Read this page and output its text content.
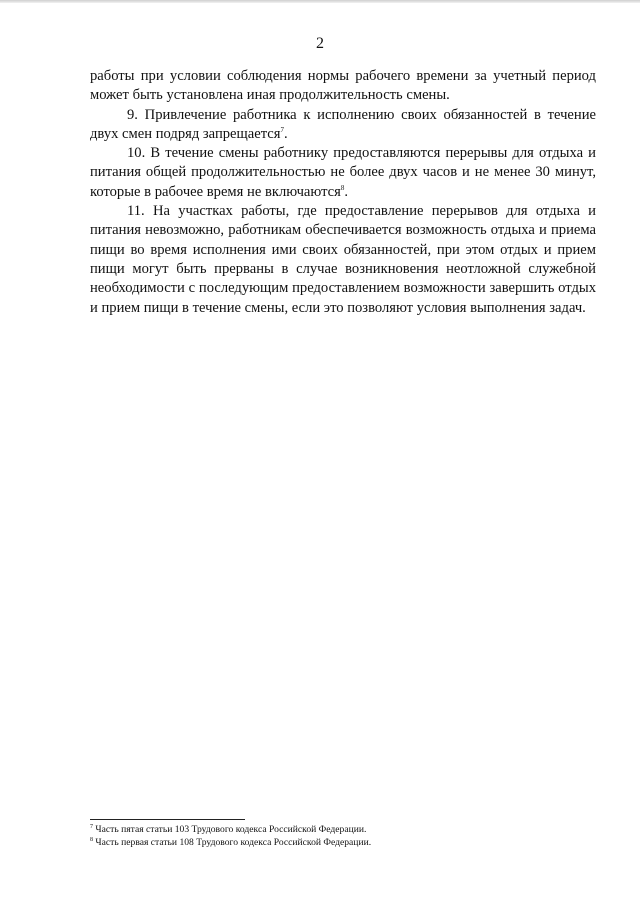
2

работы при условии соблюдения нормы рабочего времени за учетный период может быть установлена иная продолжительность смены.

9. Привлечение работника к исполнению своих обязанностей в течение двух смен подряд запрещается$^7$.

10. В течение смены работнику предоставляются перерывы для отдыха и питания общей продолжительностью не более двух часов и не менее 30 минут, которые в рабочее время не включаются$^8$.

11. На участках работы, где предоставление перерывов для отдыха и питания невозможно, работникам обеспечивается возможность отдыха и приема пищи во время исполнения ими своих обязанностей, при этом отдых и прием пищи могут быть прерваны в случае возникновения неотложной служебной необходимости с последующим предоставлением возможности завершить отдых и прием пищи в течение смены, если это позволяют условия выполнения задач.

$^7$ Часть пятая статьи 103 Трудового кодекса Российской Федерации.
$^8$ Часть первая статьи 108 Трудового кодекса Российской Федерации.
